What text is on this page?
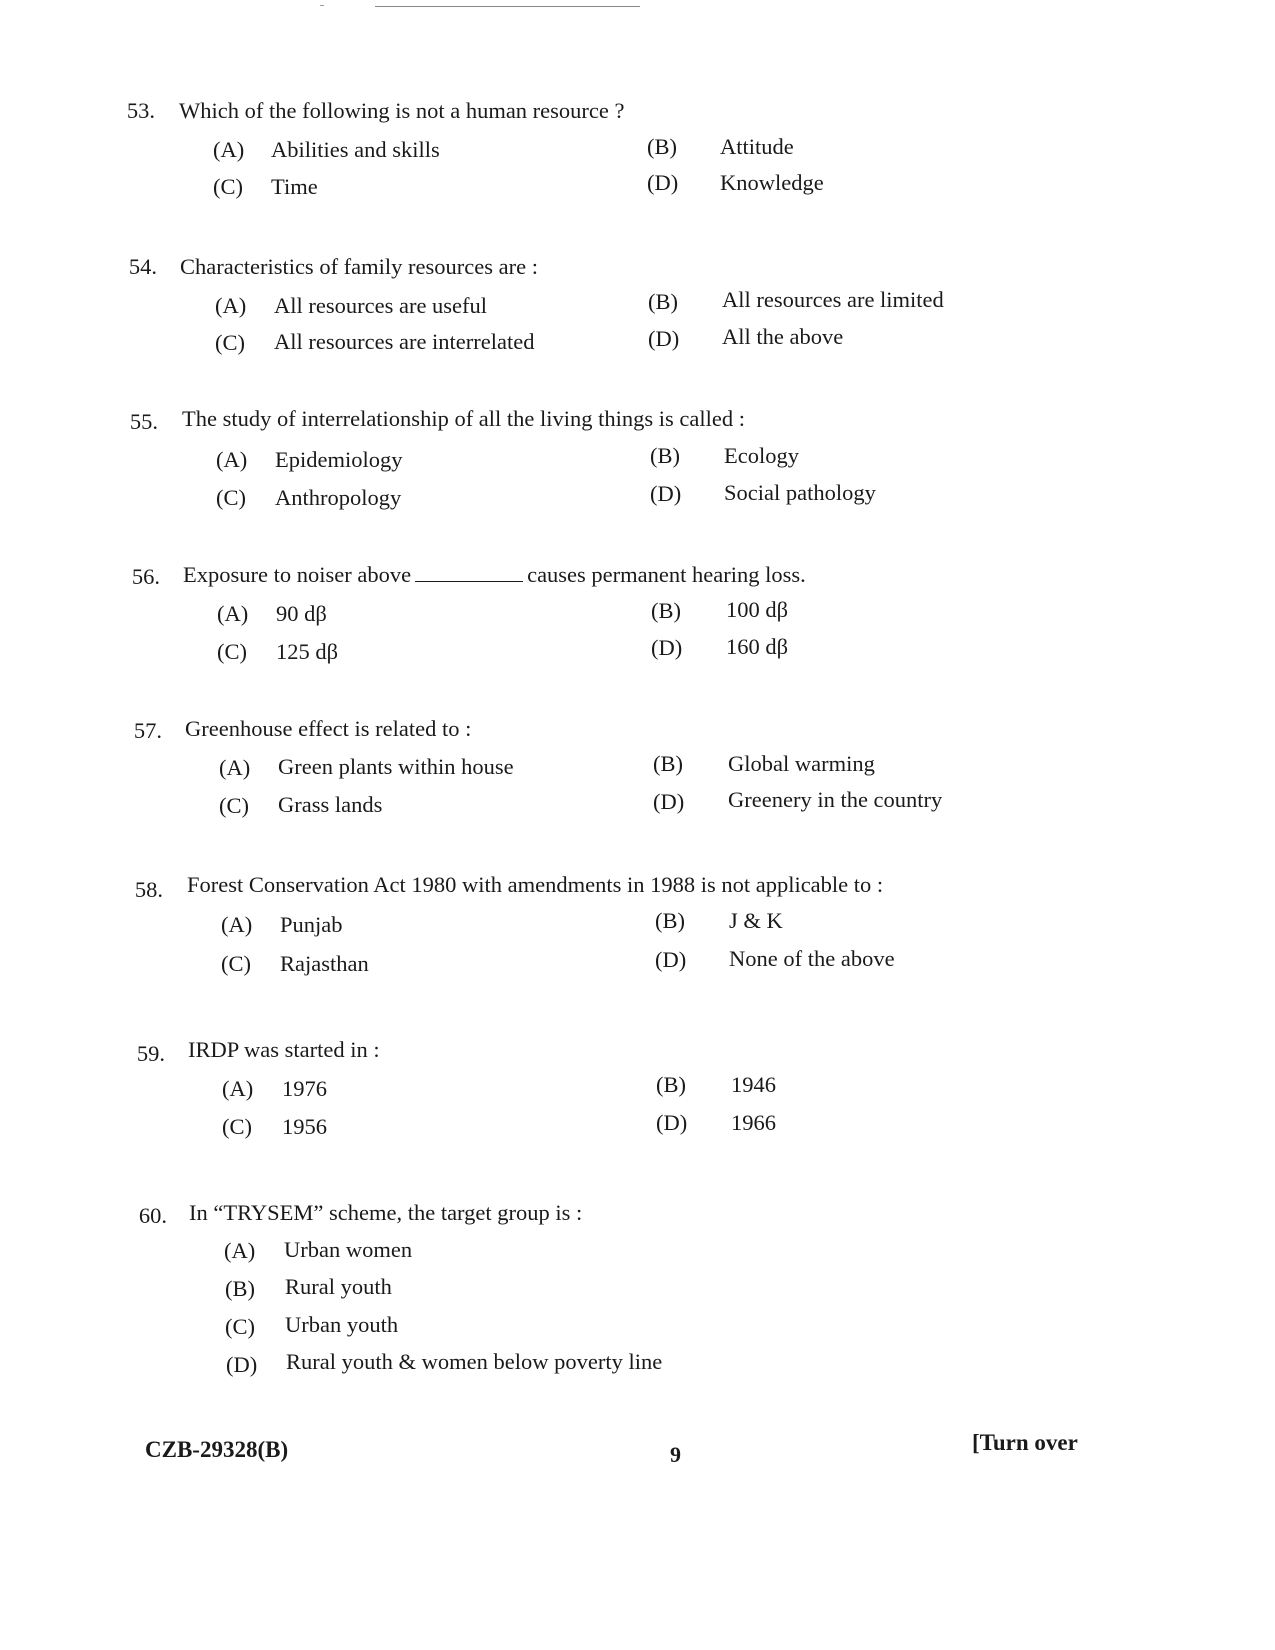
53. Which of the following is not a human resource ?
(A) Abilities and skills	(B) Attitude
(C) Time	(D) Knowledge
54. Characteristics of family resources are :
(A) All resources are useful	(B) All resources are limited
(C) All resources are interrelated	(D) All the above
55. The study of interrelationship of all the living things is called :
(A) Epidemiology	(B) Ecology
(C) Anthropology	(D) Social pathology
56. Exposure to noiser above	causes permanent hearing loss.
(A) 90 dβ	(B) 100 dβ
(C) 125 dβ	(D) 160 dβ
57. Greenhouse effect is related to :
(A) Green plants within house	(B) Global warming
(C) Grass lands	(D) Greenery in the country
58. Forest Conservation Act 1980 with amendments in 1988 is not applicable to :
(A) Punjab	(B) J & K
(C) Rajasthan	(D) None of the above
59. IRDP was started in :
(A) 1976	(B) 1946
(C) 1956	(D) 1966
60. In “TRYSEM” scheme, the target group is :
(A) Urban women
(B) Rural youth
(C) Urban youth
(D) Rural youth & women below poverty line
CZB-29328(B)	9	[Turn over
